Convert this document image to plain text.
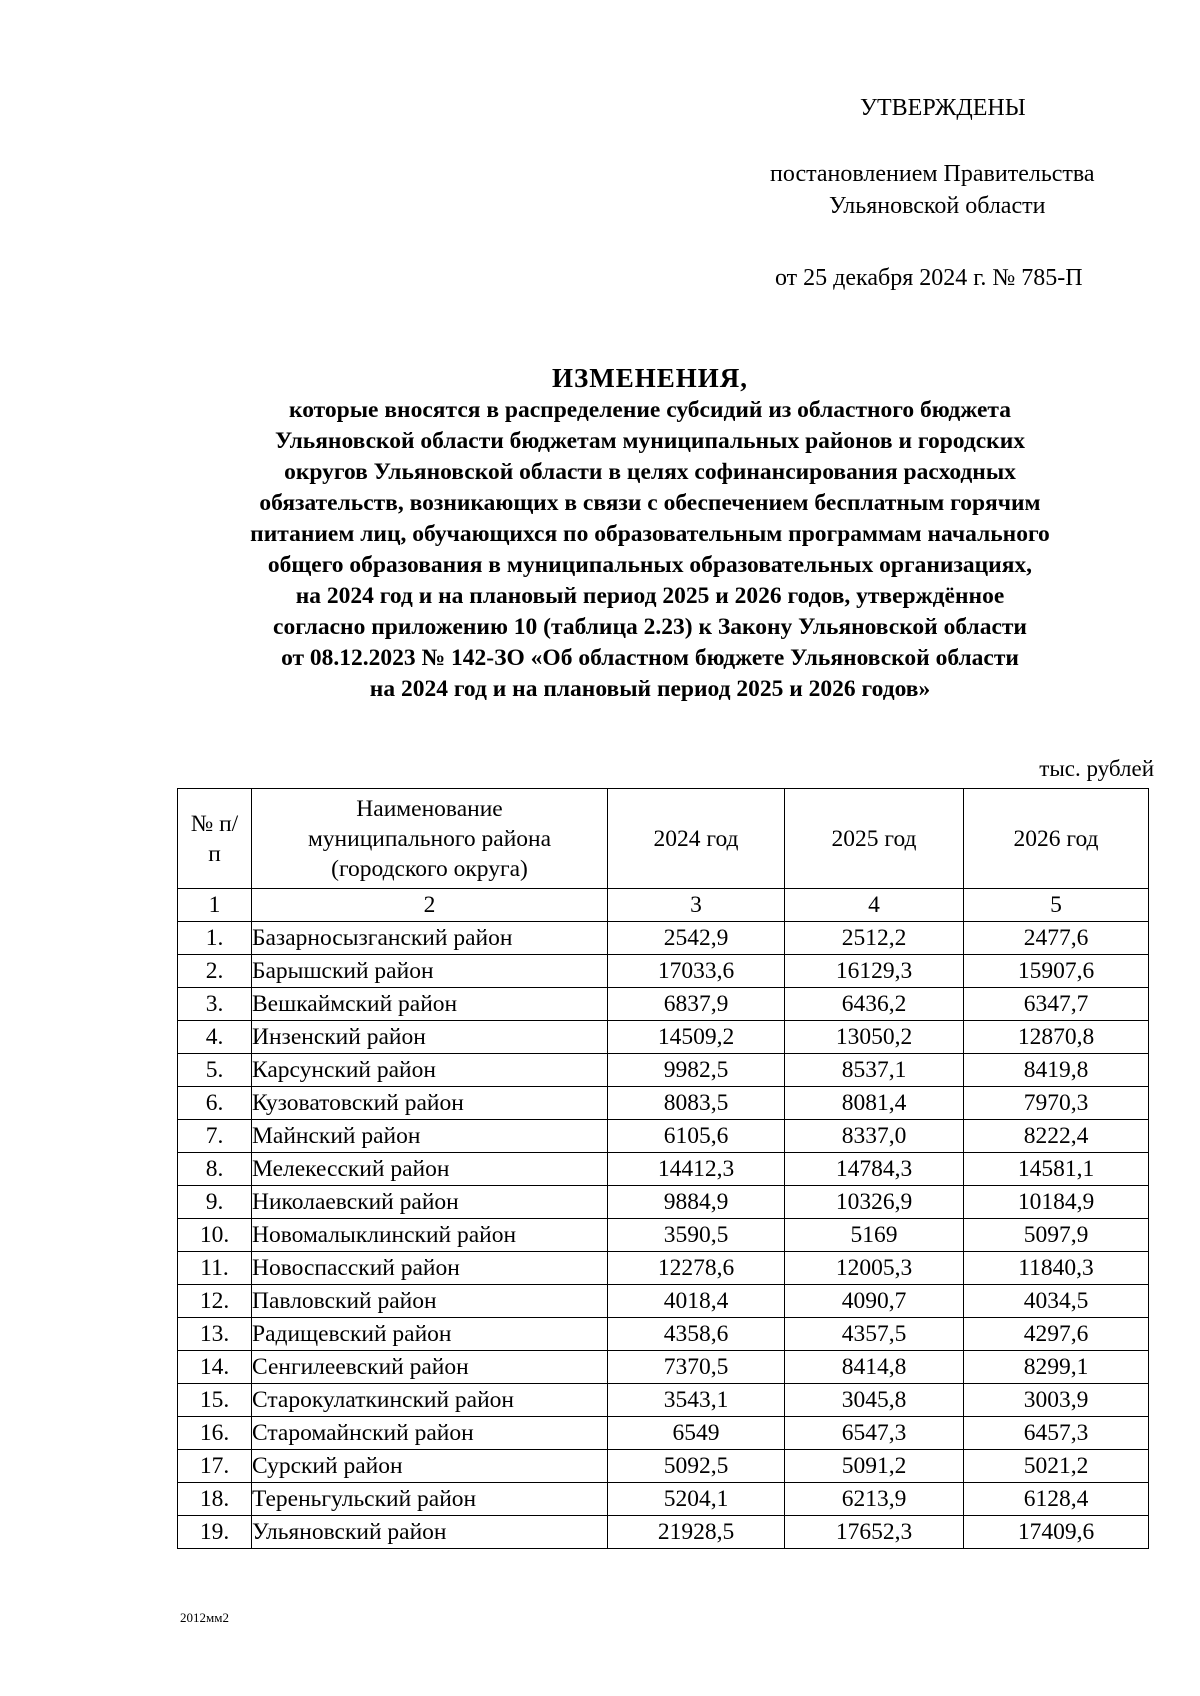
УТВЕРЖДЕНЫ
постановлением Правительства
Ульяновской области
от 25 декабря 2024 г. № 785-П
ИЗМЕНЕНИЯ,
которые вносятся в распределение субсидий из областного бюджета
Ульяновской области бюджетам муниципальных районов и городских
округов Ульяновской области в целях софинансирования расходных
обязательств, возникающих в связи с обеспечением бесплатным горячим
питанием лиц, обучающихся по образовательным программам начального
общего образования в муниципальных образовательных организациях,
на 2024 год и на плановый период 2025 и 2026 годов, утверждённое
согласно приложению 10 (таблица 2.23) к Закону Ульяновской области
от 08.12.2023 № 142-ЗО «Об областном бюджете Ульяновской области
на 2024 год и на плановый период 2025 и 2026 годов»
тыс. рублей
№ п/п	Наименование муниципального района (городского округа)	2024 год	2025 год	2026 год
1	2	3	4	5
1.	Базарносызганский район	2542,9	2512,2	2477,6
2.	Барышский район	17033,6	16129,3	15907,6
3.	Вешкаймский район	6837,9	6436,2	6347,7
4.	Инзенский район	14509,2	13050,2	12870,8
5.	Карсунский район	9982,5	8537,1	8419,8
6.	Кузоватовский район	8083,5	8081,4	7970,3
7.	Майнский район	6105,6	8337,0	8222,4
8.	Мелекесский район	14412,3	14784,3	14581,1
9.	Николаевский район	9884,9	10326,9	10184,9
10.	Новомалыклинский район	3590,5	5169	5097,9
11.	Новоспасский район	12278,6	12005,3	11840,3
12.	Павловский район	4018,4	4090,7	4034,5
13.	Радищевский район	4358,6	4357,5	4297,6
14.	Сенгилеевский район	7370,5	8414,8	8299,1
15.	Старокулаткинский район	3543,1	3045,8	3003,9
16.	Старомайнский район	6549	6547,3	6457,3
17.	Сурский район	5092,5	5091,2	5021,2
18.	Тереньгульский район	5204,1	6213,9	6128,4
19.	Ульяновский район	21928,5	17652,3	17409,6
2012мм2
